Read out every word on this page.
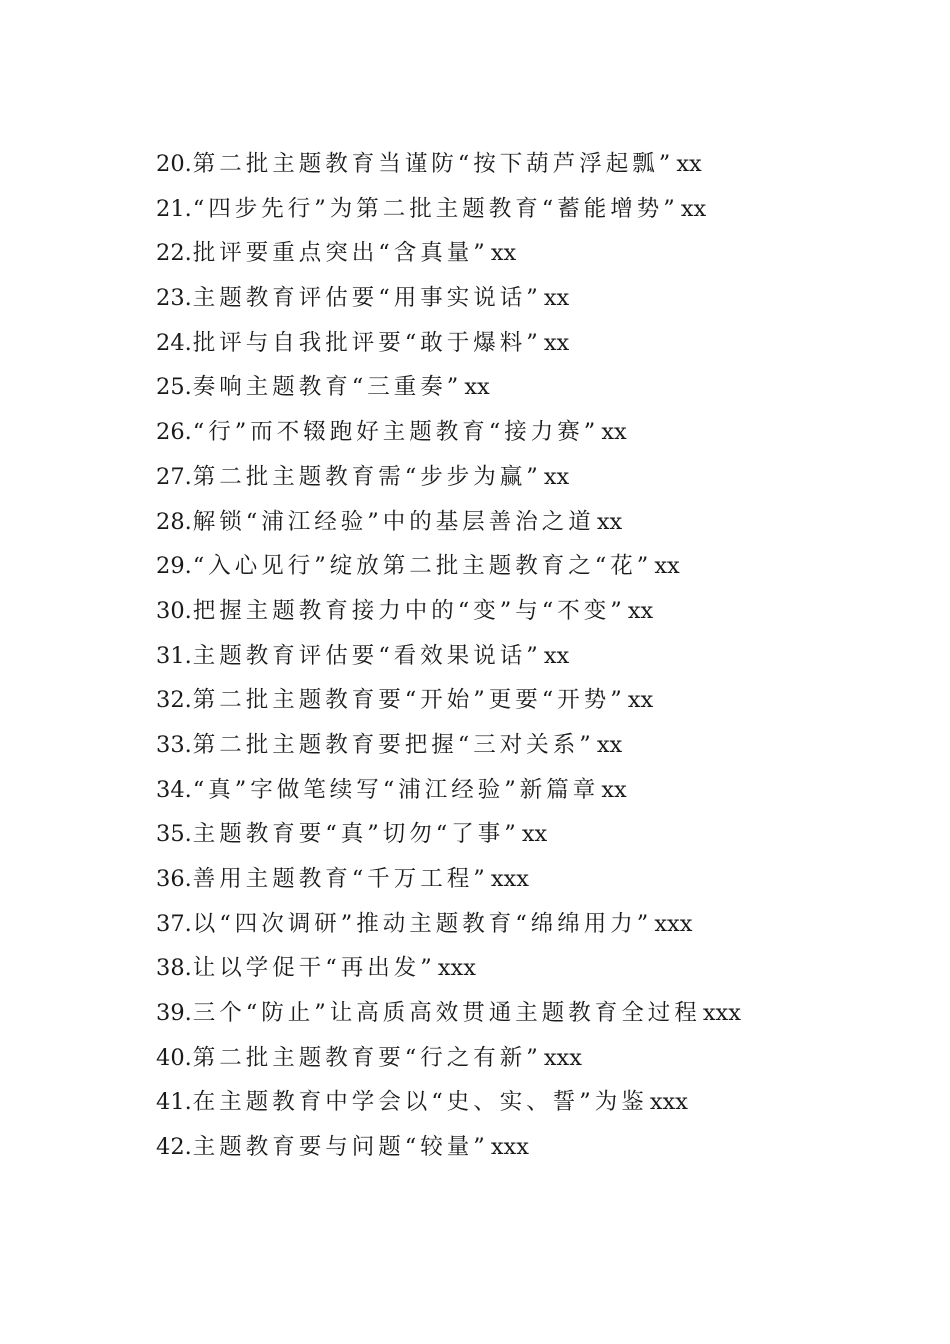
20.第二批主题教育当谨防“按下葫芦浮起瓢”xx
21.“四步先行”为第二批主题教育“蓄能增势”xx
22.批评要重点突出“含真量”xx
23.主题教育评估要“用事实说话”xx
24.批评与自我批评要“敢于爆料”xx
25.奏响主题教育“三重奏”xx
26.“行”而不辍跑好主题教育“接力赛”xx
27.第二批主题教育需“步步为赢”xx
28.解锁“浦江经验”中的基层善治之道xx
29.“入心见行”绽放第二批主题教育之“花”xx
30.把握主题教育接力中的“变”与“不变”xx
31.主题教育评估要“看效果说话”xx
32.第二批主题教育要“开始”更要“开势”xx
33.第二批主题教育要把握“三对关系”xx
34.“真”字做笔续写“浦江经验”新篇章xx
35.主题教育要“真”切勿“了事”xx
36.善用主题教育“千万工程”xxx
37.以“四次调研”推动主题教育“绵绵用力”xxx
38.让以学促干“再出发”xxx
39.三个“防止”让高质高效贯通主题教育全过程xxx
40.第二批主题教育要“行之有新”xxx
41.在主题教育中学会以“史、实、誓”为鉴xxx
42.主题教育要与问题“较量”xxx
